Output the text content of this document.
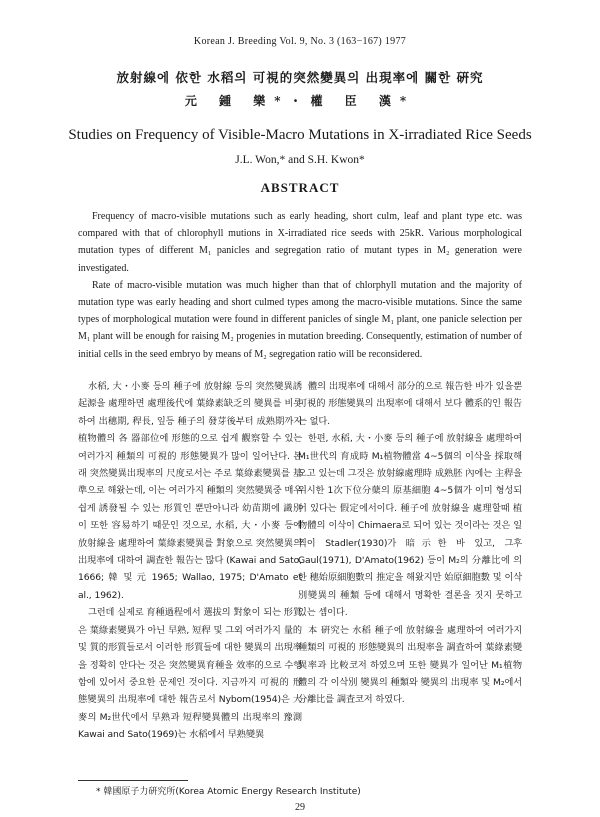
Korean J. Breeding Vol. 9, No. 3 (163−167) 1977
放射線에 依한 水稻의 可視的突然變異의 出現率에 關한 硏究
元 鍾 樂*・權 臣 漢*
Studies on Frequency of Visible-Macro Mutations in X-irradiated Rice Seeds
J.L. Won,* and S.H. Kwon*
ABSTRACT

Frequency of macro-visible mutations such as early heading, short culm, leaf and plant type etc. was compared with that of chlorophyll mutions in X-irradiated rice seeds with 25kR. Various morphological mutation types of different M₁ panicles and segregation ratio of mutant types in M₂ generation were investigated.

Rate of macro-visible mutation was much higher than that of chlorphyll mutation and the majority of mutation type was early heading and short culmed types among the macro-visible mutations. Since the same types of morphological mutation were found in different panicles of single M₁ plant, one panicle selection per M₁ plant will be enough for raising M₂ progenies in mutation breeding. Consequently, estimation of number of initial cells in the seed embryo by means of M₂ segregation ratio will be reconsidered.

水稻, 大・小麥 등의 種子에 放射線 등의 突然變異誘起源을 處理하면 處理後代에 葉綠素缺乏의 變異를 비롯하여 出穗期, 稈長, 잎등 種子의 發芽後부터 成熟期까지 植物體의 各 器部位에 形態的으로 쉽게 觀察할 수 있는 여러가지 種類의 可視的 形態變異가 많이 일어난다. 본래 突然變異出現率의 尺度로서는 주로 葉綠素變異를 基準으로 해왔는데, 이는 여러가지 種類의 突然變異중 매우 쉽게 誘發될 수 있는 形質인 뿐만아니라 幼苗期에 識別이 또한 容易하기 때문인 것으로, 水稻, 大・小麥 등에 放射線을 處理하여 葉綠素變異를 對象으로 突然變異의 出現率에 대하여 調査한 報告는 많다 (Kawai and Sato, 1666; 韓 및 元 1965; Wallao, 1975; D'Amato et al., 1962).

그런데 실제로 育種過程에서 選拔의 對象이 되는 形質은 葉綠素變異가 아닌 早熟, 短稈 및 그외 여러가지 量的 및 質的形質들로서 이러한 形質들에 대한 變異의 出現率을 정확히 안다는 것은 突然變異育種을 效率的으로 수행함에 있어서 중요한 문제인 것이다. 지금까지 可視的 形態變異의 出現率에 대한 報告로서 Nybom(1954)은 大麥의 M₂世代에서 早熟과 短稈變異體의 出現率의 豫測 Kawai and Sato(1969)는 水稻에서 早熟變異

體의 出現率에 대해서 部分的으로 報告한 바가 있을뿐 可視的 形態變異의 出現率에 대해서 보다 體系的인 報告는 없다.

한편, 水稻, 大・小麥 등의 種子에 放射線을 處理하여 M₁世代의 育成時 M₁植物體當 4~5個의 이삭을 採取해오고 있는데 그것은 放射線處理時 成熟胚 內에는 主稈을 위시한 1次下位分蘖의 原基細胞 4~5個가 이미 형성되어 있다는 假定에서이다. 種子에 放射線을 處理할때 植物體의 이삭이 Chimaera로 되어 있는 것이라는 것은 일찍이 Stadler(1930)가 暗示한 바 있고, 그후 Gaul(1971), D'Amato(1962) 등이 M₂의 分離比에 의한 穗始原細胞數의 推定을 해왔지만 始原細胞數 및 이삭別變異의 種類 등에 대해서 명확한 결론을 짓지 못하고 있는 셈이다.

本 硏究는 水稻 種子에 放射線을 處理하여 여러가지 種類의 可視的 形態變異의 出現率을 調査하여 葉綠素變異率과 比較코저 하였으며 또한 變異가 일어난 M₁植物體의 각 이삭別 變異의 種類와 變異의 出現率 및 M₂에서 分離比를 調査코저 하였다.

* 韓國原子力硏究所(Korea Atomic Energy Research Institute)
29
